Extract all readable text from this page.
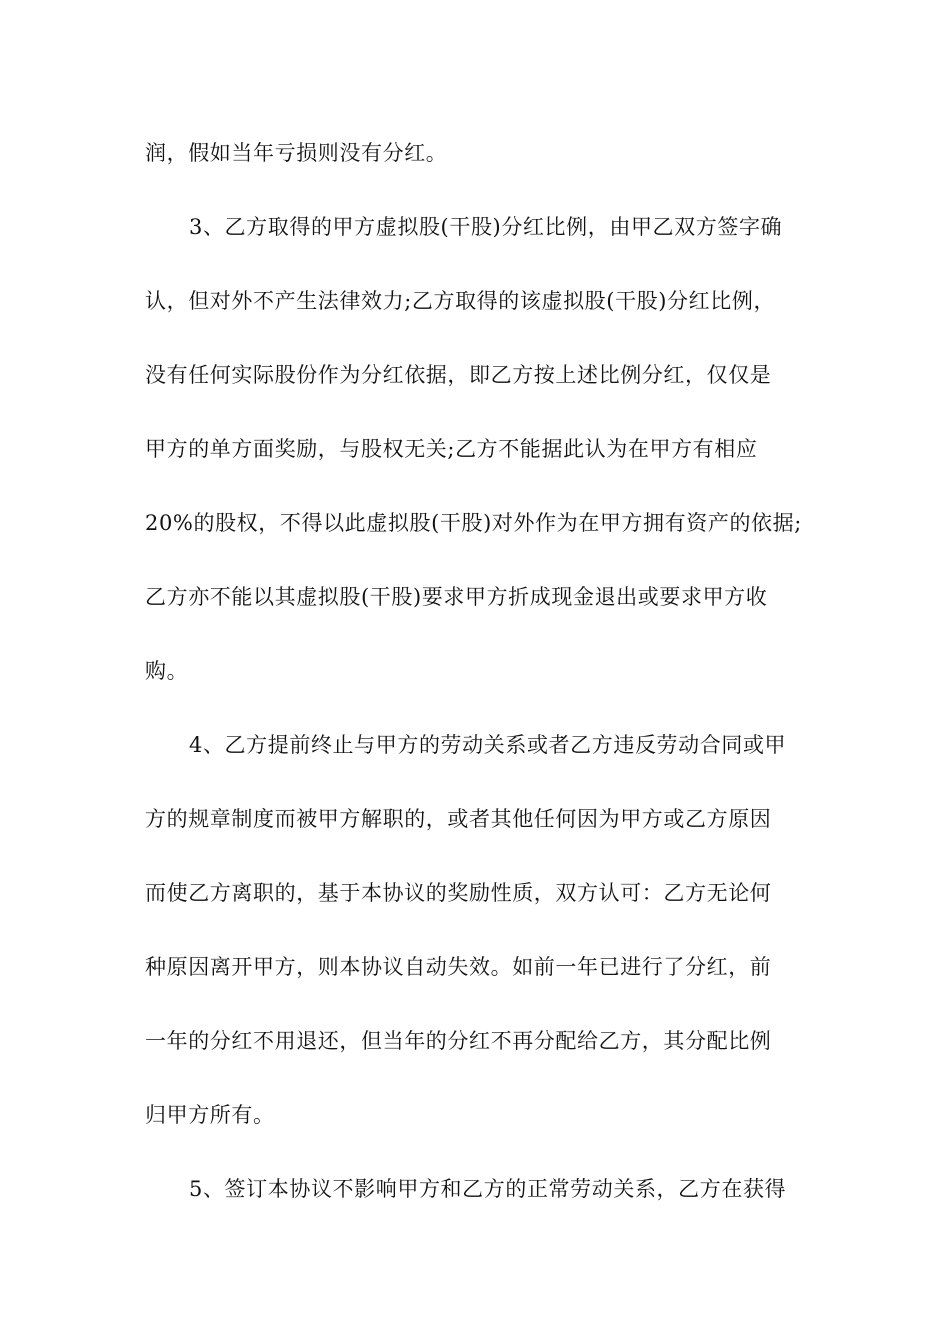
润，假如当年亏损则没有分红。
3、乙方取得的甲方虚拟股(干股)分红比例，由甲乙双方签字确
认，但对外不产生法律效力;乙方取得的该虚拟股(干股)分红比例，
没有任何实际股份作为分红依据，即乙方按上述比例分红，仅仅是
甲方的单方面奖励，与股权无关;乙方不能据此认为在甲方有相应
20%的股权，不得以此虚拟股(干股)对外作为在甲方拥有资产的依据;
乙方亦不能以其虚拟股(干股)要求甲方折成现金退出或要求甲方收
购。
4、乙方提前终止与甲方的劳动关系或者乙方违反劳动合同或甲
方的规章制度而被甲方解职的，或者其他任何因为甲方或乙方原因
而使乙方离职的，基于本协议的奖励性质，双方认可：乙方无论何
种原因离开甲方，则本协议自动失效。如前一年已进行了分红，前
一年的分红不用退还，但当年的分红不再分配给乙方，其分配比例
归甲方所有。
5、签订本协议不影响甲方和乙方的正常劳动关系，乙方在获得
